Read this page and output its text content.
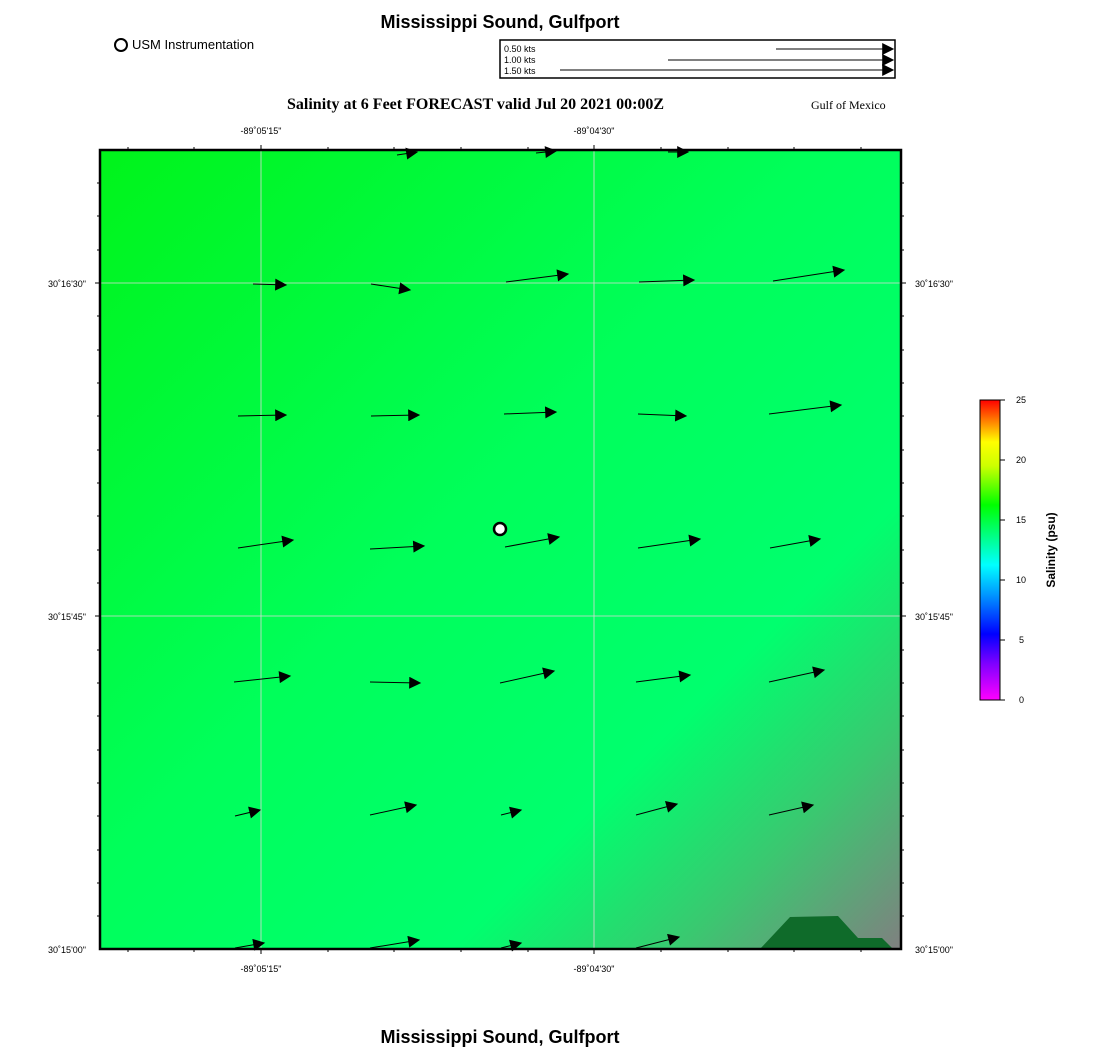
Mississippi Sound, Gulfport
USM Instrumentation
Salinity at 6 Feet FORECAST valid Jul 20 2021 00:00Z	Gulf of Mexico
0.50 kts
1.00 kts
1.50 kts
-89˚05'15"	-89˚04'30"
-89˚05'15"	-89˚04'30"
30˚16'30"
30˚15'45"
30˚15'00"
30˚16'30"
30˚15'45"
30˚15'00"
25
20
15
10
5
0
Salinity (psu)
Mississippi Sound, Gulfport
